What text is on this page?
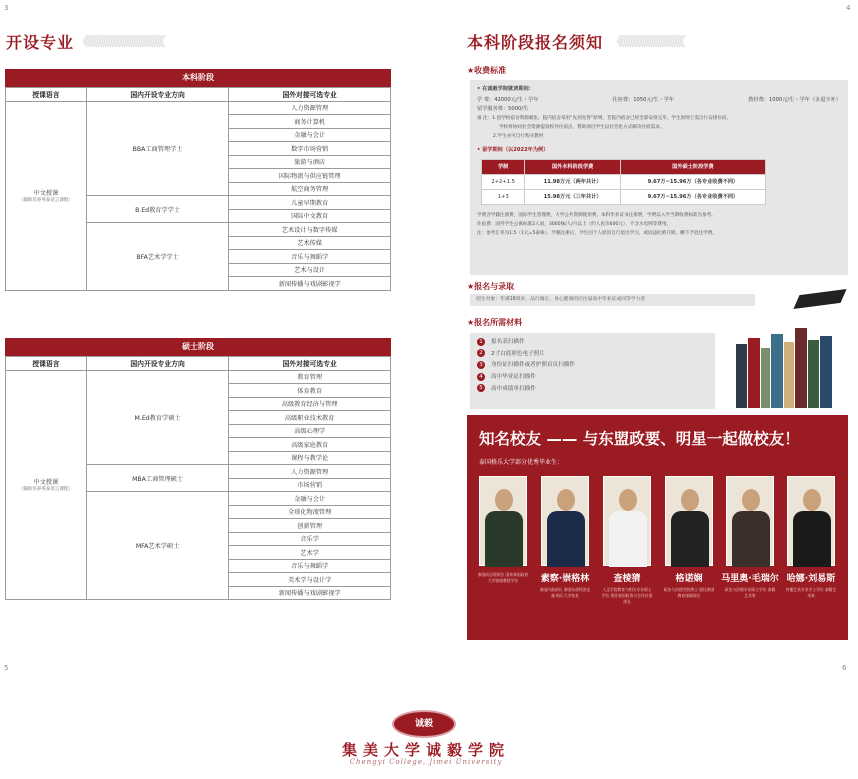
3	4
5	6
开设专业 《《《《《《《《《《《《《《《《《《《《《《《
本科阶段
授课语言	国内开设专业方向	国外对接可选专业

中文授课
（辅助培养英泰语言课程）	BBA工商管理学士	人力资源管理
		商务计算机
		金融与会计
		数字市场营销
		旅游与酒店
		国际物流与供应链管理
		航空商务管理
	B.Ed教育学学士	儿童早期教育
		国际中文教育
	BFA艺术学学士	艺术设计与数字传媒
		艺术传媒
		音乐与舞蹈学
		艺术与设计
		新闻传播与戏剧影视学
硕士阶段
授课语言	国内开设专业方向	国外对接可选专业

中文授课
（辅助培养英泰语言课程）	M.Ed教育学硕士	教育管理
		体育教育
		高级教育经济与管理
		高级职业技术教育
		高级心理学
		高级家庭教育
		课程与教学论
	MBA工商管理硕士	人力资源管理
		市场营销
	MFA艺术学硕士	金融与会计
		全球化物流管理
		创新管理
		音乐学
		艺术学
		音乐与舞蹈学
		美术学与设计学
		新闻传播与戏剧影视学
本科阶段报名须知 《《《《《《《《《《《《《《《《《《《
★收费标准
• 在诚毅学院就读期间：
学 费：42000元/生・学年	住宿费：1050元/生・学年	教材费：1000元/生・学年（多退少补）
留学服务费：5000/生
备 注：1.因学校宿舍资源紧张，院内宿舍采用“先到先得”原则。若院内宿舍已经全部安排完毕，学生原则上需自行安排住宿。
学校将协同社会资源提高校外住宿点，帮助项目学生以社会化方式解决住宿需求。
2.学生亦可自行购买教材
• 留学期间（以2022年为例）
学制	国外本科阶段学费	国外硕士阶段学费
2+2+1.5	11.98万元（两年共计）	9.67万~15.96万（各专业收费不同）
1+3	15.98万元（三年共计）	9.67万~15.96万（各专业收费不同）
学费含学籍注册费，国际学生管理费，大学公共资源使用费，本科毕业证书注册费，学费以入学当期收费标准为参考。
住宿费：国外学生公寓标准2人间，3000铢/人/月以上（约人民币600元），不含水电网等费用。
注：参考汇率为1:5（1元=5泰铢），学籍注册后，学生因个人原因自行退出学习，或因违纪被开除，概不予退还学费。
★报名与录取
招生对象：年满18周岁，品行端正，身心健康的应往届高中毕业证或同等学力者
★报名所需材料
1 报名表扫描件
2 2寸白底彩色电子照片
3 身份证扫描件或者护照首页扫描件
4 高中毕业证扫描件
5 高中成绩单扫描件
知名校友 —— 与东盟政要、明星一起做校友！
泰国格乐大学部分优秀毕业生：
泰国前总理英拉 国家泰国政府大学客座教授学位	素察·崇格林
泰国内政部长 泰国东部经济走廊 格乐大学校友
查棱猜
人文学院教育与相关专业硕士学位 现任泰国政务与合作社部部长
格诺娴
政治与治理学院博士 现任泰国教育部副部长
马里奥·毛瑞尔
政治与治理专业硕士学位 泰籍艺术家
哈娜·刘易斯
传播艺术专业学士学位 泰籍艺术家
诚毅
集美大学诚毅学院
Chengyi College, Jimei University
